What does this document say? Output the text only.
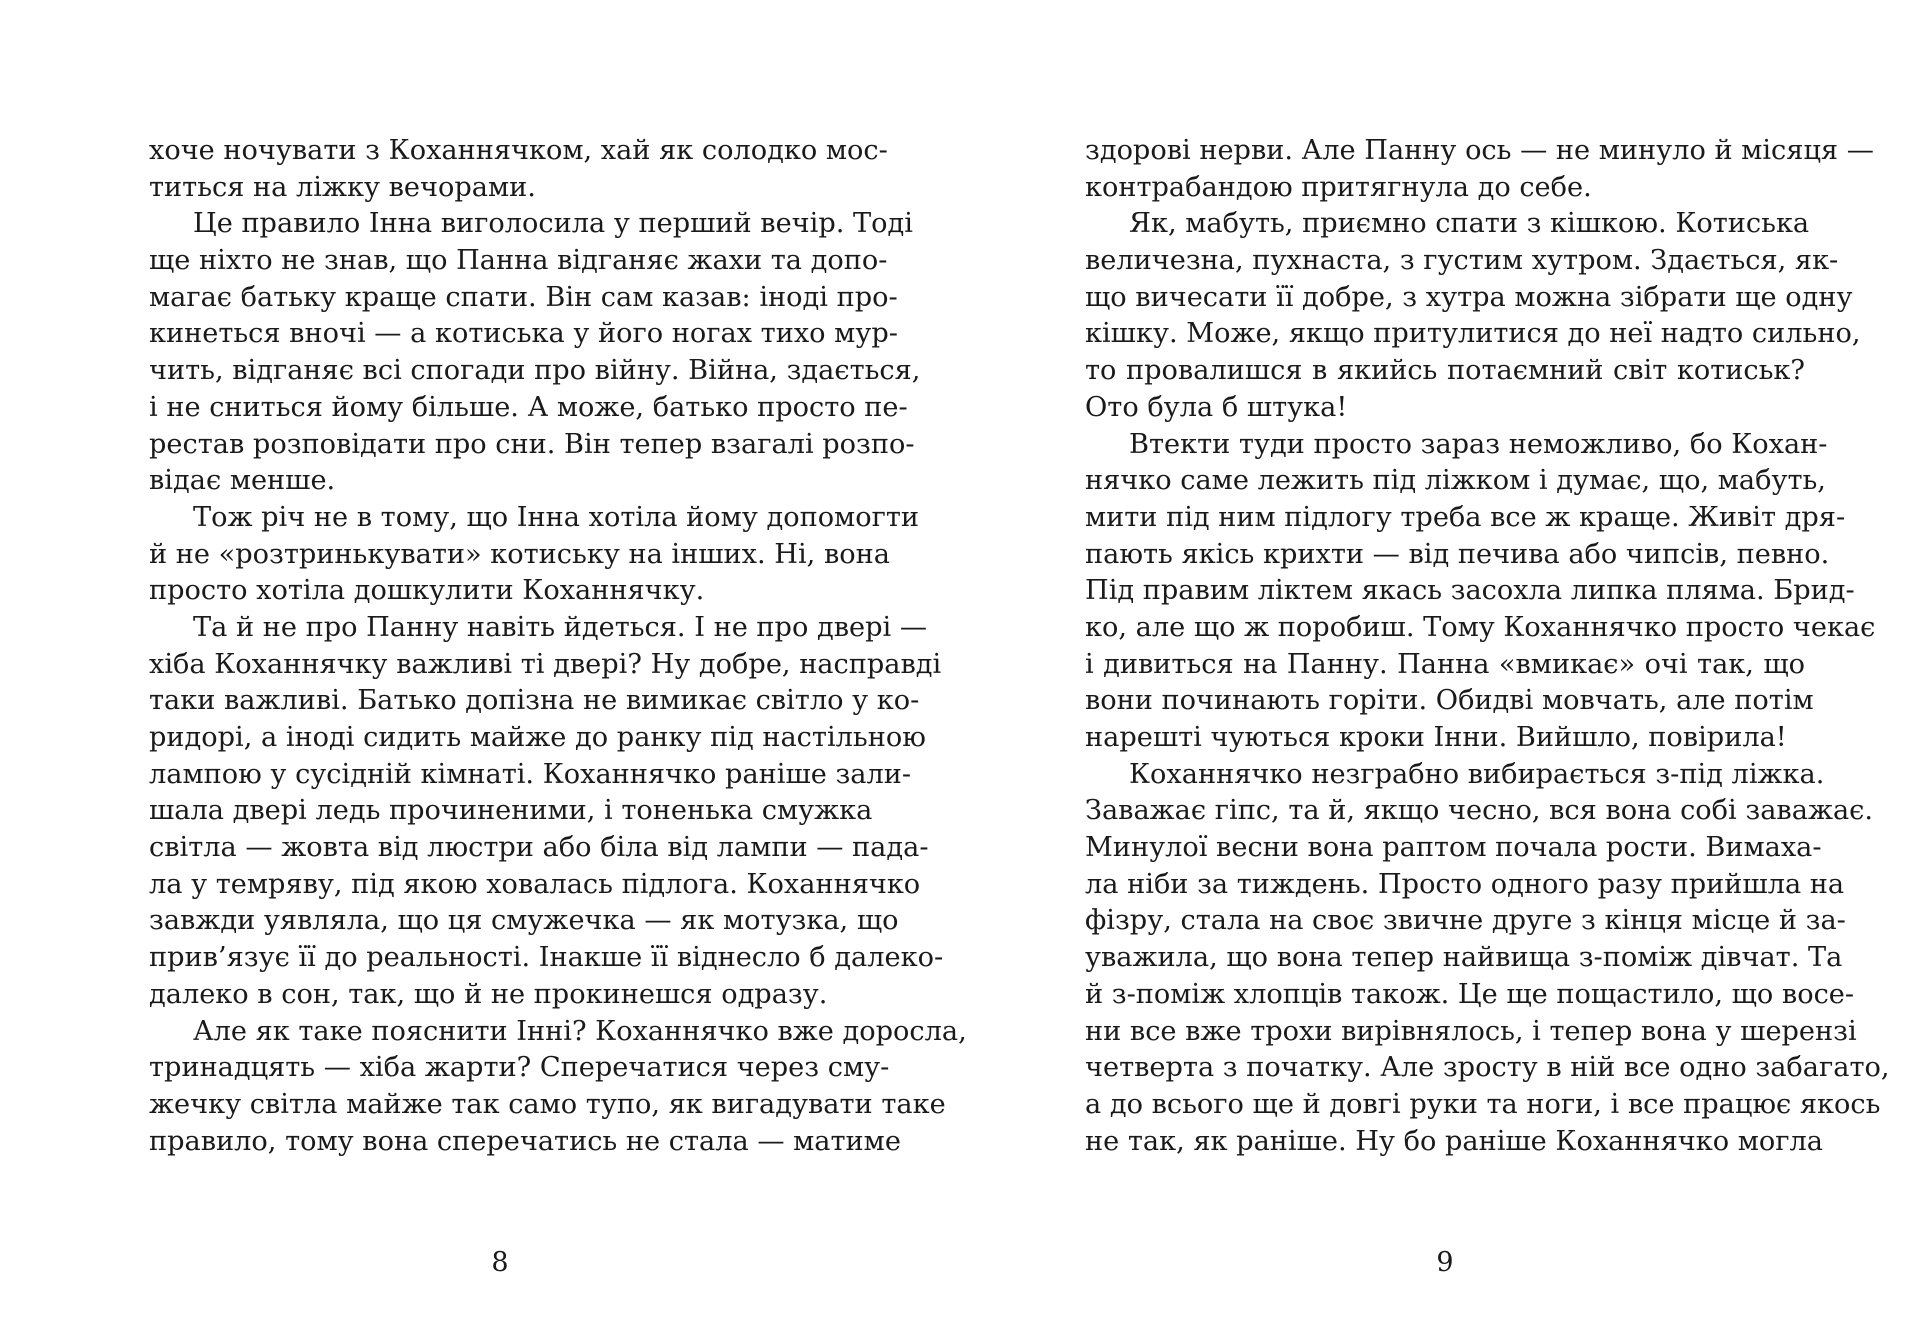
хоче ночувати з Коханнячком, хай як солодко мос-
титься на ліжку вечорами.
Це правило Інна виголосила у перший вечір. Тоді
ще ніхто не знав, що Панна відганяє жахи та допо-
магає батьку краще спати. Він сам казав: іноді про-
кинеться вночі — а котиська у його ногах тихо мур-
чить, відганяє всі спогади про війну. Війна, здається,
і не сниться йому більше. А може, батько просто пе-
рестав розповідати про сни. Він тепер взагалі розпо-
відає менше.
Тож річ не в тому, що Інна хотіла йому допомогти
й не «розтринькувати» котиську на інших. Ні, вона
просто хотіла дошкулити Коханнячку.
Та й не про Панну навіть йдеться. І не про двері —
хіба Коханнячку важливі ті двері? Ну добре, насправді
таки важливі. Батько допізна не вимикає світло у ко-
ридорі, а іноді сидить майже до ранку під настільною
лампою у сусідній кімнаті. Коханнячко раніше зали-
шала двері ледь прочиненими, і тоненька смужка
світла — жовта від люстри або біла від лампи — пада-
ла у темряву, під якою ховалась підлога. Коханнячко
завжди уявляла, що ця смужечка — як мотузка, що
прив’язує її до реальності. Інакше її віднесло б далеко-
далеко в сон, так, що й не прокинешся одразу.
Але як таке пояснити Інні? Коханнячко вже доросла,
тринадцять — хіба жарти? Сперечатися через сму-
жечку світла майже так само тупо, як вигадувати таке
правило, тому вона сперечатись не стала — матиме
8
здорові нерви. Але Панну ось — не минуло й місяця —
контрабандою притягнула до себе.
Як, мабуть, приємно спати з кішкою. Котиська
величезна, пухнаста, з густим хутром. Здається, як-
що вичесати її добре, з хутра можна зібрати ще одну
кішку. Може, якщо притулитися до неї надто сильно,
то провалишся в якийсь потаємний світ котиськ?
Ото була б штука!
Втекти туди просто зараз неможливо, бо Кохан-
нячко саме лежить під ліжком і думає, що, мабуть,
мити під ним підлогу треба все ж краще. Живіт дря-
пають якісь крихти — від печива або чипсів, певно.
Під правим ліктем якась засохла липка пляма. Брид-
ко, але що ж поробиш. Тому Коханнячко просто чекає
і дивиться на Панну. Панна «вмикає» очі так, що
вони починають горіти. Обидві мовчать, але потім
нарешті чуються кроки Інни. Вийшло, повірила!
Коханнячко незграбно вибирається з-під ліжка.
Заважає гіпс, та й, якщо чесно, вся вона собі заважає.
Минулої весни вона раптом почала рости. Вимаха-
ла ніби за тиждень. Просто одного разу прийшла на
фізру, стала на своє звичне друге з кінця місце й за-
уважила, що вона тепер найвища з-поміж дівчат. Та
й з-поміж хлопців також. Це ще пощастило, що восе-
ни все вже трохи вирівнялось, і тепер вона у шерензі
четверта з початку. Але зросту в ній все одно забагато,
а до всього ще й довгі руки та ноги, і все працює якось
не так, як раніше. Ну бо раніше Коханнячко могла
9
